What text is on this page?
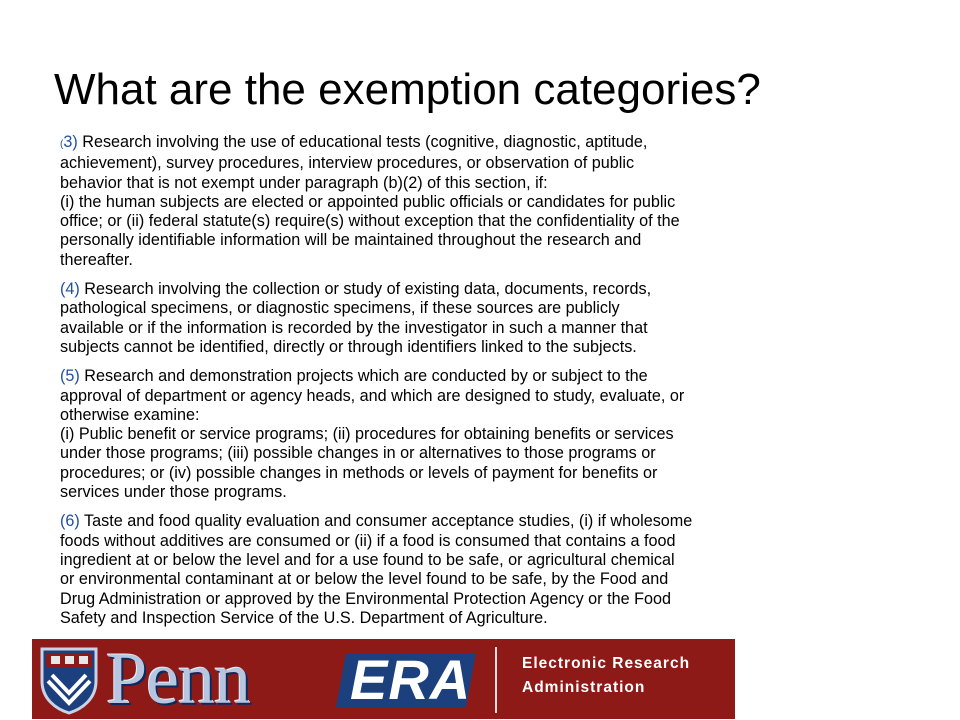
What are the exemption categories?

(3) Research involving the use of educational tests (cognitive, diagnostic, aptitude,
achievement), survey procedures, interview procedures, or observation of public
behavior that is not exempt under paragraph (b)(2) of this section, if:
(i) the human subjects are elected or appointed public officials or candidates for public
office; or (ii) federal statute(s) require(s) without exception that the confidentiality of the
personally identifiable information will be maintained throughout the research and
thereafter.

(4) Research involving the collection or study of existing data, documents, records,
pathological specimens, or diagnostic specimens, if these sources are publicly
available or if the information is recorded by the investigator in such a manner that
subjects cannot be identified, directly or through identifiers linked to the subjects.

(5) Research and demonstration projects which are conducted by or subject to the
approval of department or agency heads, and which are designed to study, evaluate, or
otherwise examine:
(i) Public benefit or service programs; (ii) procedures for obtaining benefits or services
under those programs; (iii) possible changes in or alternatives to those programs or
procedures; or (iv) possible changes in methods or levels of payment for benefits or
services under those programs.

(6) Taste and food quality evaluation and consumer acceptance studies, (i) if wholesome
foods without additives are consumed or (ii) if a food is consumed that contains a food
ingredient at or below the level and for a use found to be safe, or agricultural chemical
or environmental contaminant at or below the level found to be safe, by the Food and
Drug Administration or approved by the Environmental Protection Agency or the Food
Safety and Inspection Service of the U.S. Department of Agriculture.

Penn ERA	Electronic Research
Administration
